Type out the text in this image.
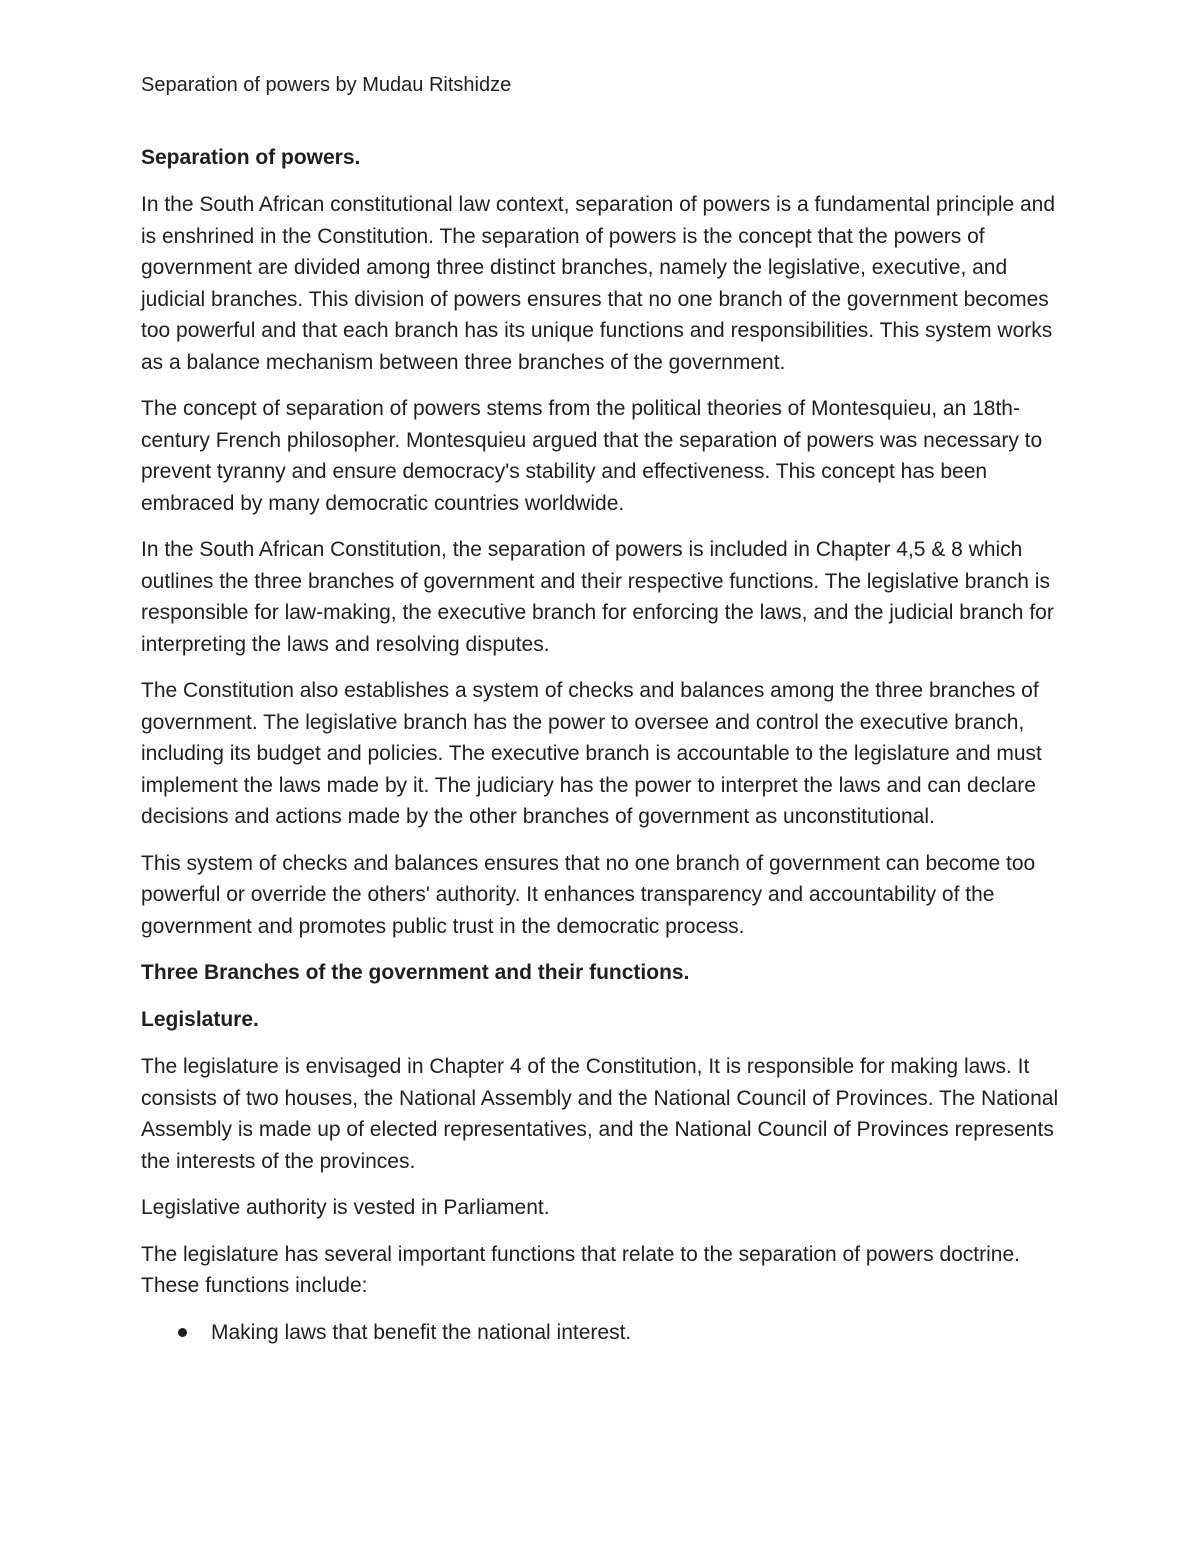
Separation of powers by Mudau Ritshidze
Separation of powers.

In the South African constitutional law context, separation of powers is a fundamental principle and is enshrined in the Constitution. The separation of powers is the concept that the powers of government are divided among three distinct branches, namely the legislative, executive, and judicial branches. This division of powers ensures that no one branch of the government becomes too powerful and that each branch has its unique functions and responsibilities. This system works as a balance mechanism between three branches of the government.

The concept of separation of powers stems from the political theories of Montesquieu, an 18th-century French philosopher. Montesquieu argued that the separation of powers was necessary to prevent tyranny and ensure democracy's stability and effectiveness. This concept has been embraced by many democratic countries worldwide.

In the South African Constitution, the separation of powers is included in Chapter 4,5 & 8 which outlines the three branches of government and their respective functions. The legislative branch is responsible for law-making, the executive branch for enforcing the laws, and the judicial branch for interpreting the laws and resolving disputes.

The Constitution also establishes a system of checks and balances among the three branches of government. The legislative branch has the power to oversee and control the executive branch, including its budget and policies. The executive branch is accountable to the legislature and must implement the laws made by it. The judiciary has the power to interpret the laws and can declare decisions and actions made by the other branches of government as unconstitutional.

This system of checks and balances ensures that no one branch of government can become too powerful or override the others' authority. It enhances transparency and accountability of the government and promotes public trust in the democratic process.

Three Branches of the government and their functions.
Legislature.

The legislature is envisaged in Chapter 4 of the Constitution, It is responsible for making laws. It consists of two houses, the National Assembly and the National Council of Provinces. The National Assembly is made up of elected representatives, and the National Council of Provinces represents the interests of the provinces.

Legislative authority is vested in Parliament.

The legislature has several important functions that relate to the separation of powers doctrine. These functions include:

Making laws that benefit the national interest.
